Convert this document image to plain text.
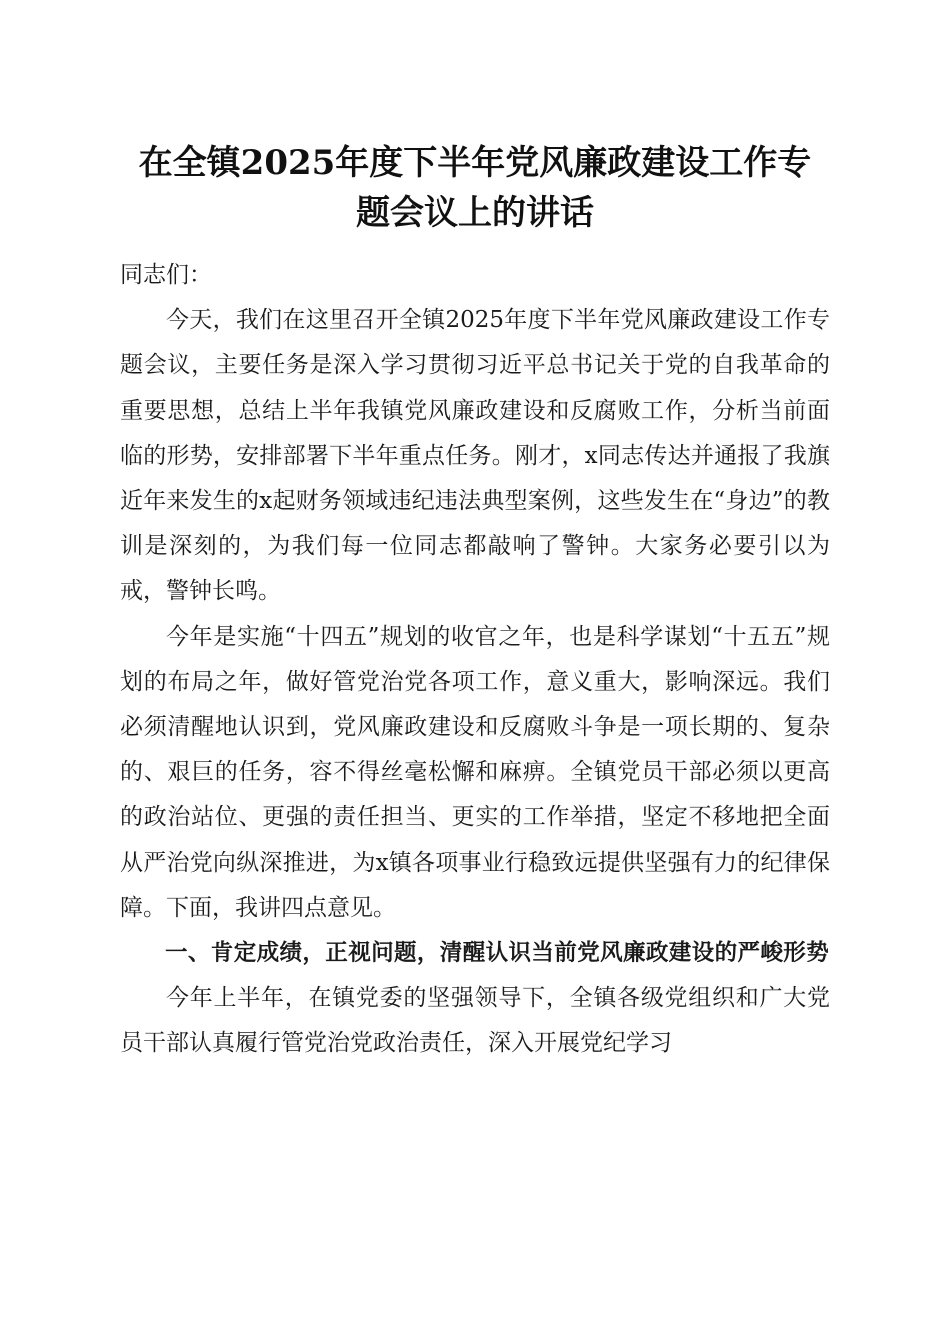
在全镇2025年度下半年党风廉政建设工作专
题会议上的讲话

同志们：

今天，我们在这里召开全镇2025年度下半年党风廉政建设工作专题会议，主要任务是深入学习贯彻习近平总书记关于党的自我革命的重要思想，总结上半年我镇党风廉政建设和反腐败工作，分析当前面临的形势，安排部署下半年重点任务。刚才，x同志传达并通报了我旗近年来发生的x起财务领域违纪违法典型案例，这些发生在“身边”的教训是深刻的，为我们每一位同志都敲响了警钟。大家务必要引以为戒，警钟长鸣。

今年是实施“十四五”规划的收官之年，也是科学谋划“十五五”规划的布局之年，做好管党治党各项工作，意义重大，影响深远。我们必须清醒地认识到，党风廉政建设和反腐败斗争是一项长期的、复杂的、艰巨的任务，容不得丝毫松懈和麻痹。全镇党员干部必须以更高的政治站位、更强的责任担当、更实的工作举措，坚定不移地把全面从严治党向纵深推进，为x镇各项事业行稳致远提供坚强有力的纪律保障。下面，我讲四点意见。

一、肯定成绩，正视问题，清醒认识当前党风廉政建设的严峻形势

今年上半年，在镇党委的坚强领导下，全镇各级党组织和广大党员干部认真履行管党治党政治责任，深入开展党纪学习
